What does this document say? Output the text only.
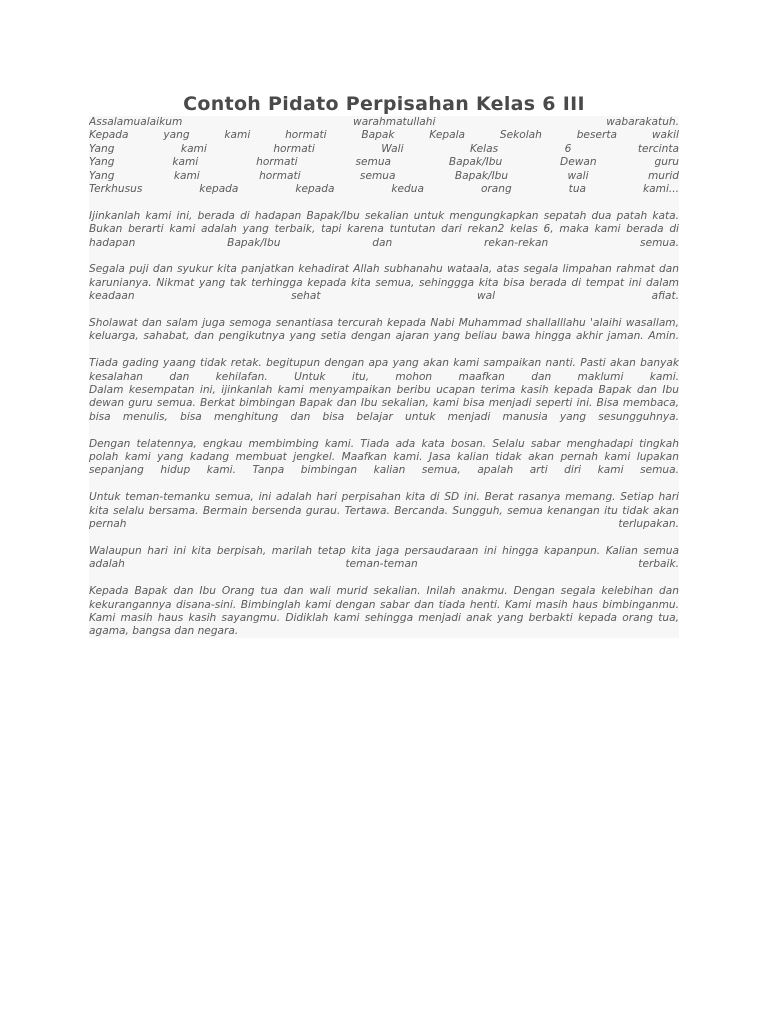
Contoh Pidato Perpisahan Kelas 6 III
Assalamualaikum warahmatullahi wabarakatuh.
Kepada yang kami hormati Bapak Kepala Sekolah beserta wakil
Yang kami hormati Wali Kelas 6 tercinta
Yang kami hormati semua Bapak/Ibu Dewan guru
Yang kami hormati semua Bapak/Ibu wali murid
Terkhusus kepada kepada kedua orang tua kami...
Ijinkanlah kami ini, berada di hadapan Bapak/Ibu sekalian untuk mengungkapkan sepatah dua patah kata.
Bukan berarti kami adalah yang terbaik, tapi karena tuntutan dari rekan2 kelas 6, maka kami berada di
hadapan Bapak/Ibu dan rekan-rekan semua.
Segala puji dan syukur kita panjatkan kehadirat Allah subhanahu wataala, atas segala limpahan rahmat dan
karunianya. Nikmat yang tak terhingga kepada kita semua, sehinggga kita bisa berada di tempat ini dalam
keadaan sehat wal afiat.
Sholawat dan salam juga semoga senantiasa tercurah kepada Nabi Muhammad shallalllahu 'alaihi wasallam,
keluarga, sahabat, dan pengikutnya yang setia dengan ajaran yang beliau bawa hingga akhir jaman. Amin.
Tiada gading yaang tidak retak. begitupun dengan apa yang akan kami sampaikan nanti. Pasti akan banyak
kesalahan dan kehilafan. Untuk itu, mohon maafkan dan maklumi kami.
Dalam kesempatan ini, ijinkanlah kami menyampaikan beribu ucapan terima kasih kepada Bapak dan Ibu
dewan guru semua. Berkat bimbingan Bapak dan Ibu sekalian, kami bisa menjadi seperti ini. Bisa membaca,
bisa menulis, bisa menghitung dan bisa belajar untuk menjadi manusia yang sesungguhnya.
Dengan telatennya, engkau membimbing kami. Tiada ada kata bosan. Selalu sabar menghadapi tingkah
polah kami yang kadang membuat jengkel. Maafkan kami. Jasa kalian tidak akan pernah kami lupakan
sepanjang hidup kami. Tanpa bimbingan kalian semua, apalah arti diri kami semua.
Untuk teman-temanku semua, ini adalah hari perpisahan kita di SD ini. Berat rasanya memang. Setiap hari
kita selalu bersama. Bermain bersenda gurau. Tertawa. Bercanda. Sungguh, semua kenangan itu tidak akan
pernah terlupakan.
Walaupun hari ini kita berpisah, marilah tetap kita jaga persaudaraan ini hingga kapanpun. Kalian semua
adalah teman-teman terbaik.
Kepada Bapak dan Ibu Orang tua dan wali murid sekalian. Inilah anakmu. Dengan segala kelebihan dan
kekurangannya disana-sini. Bimbinglah kami dengan sabar dan tiada henti. Kami masih haus bimbinganmu.
Kami masih haus kasih sayangmu. Didiklah kami sehingga menjadi anak yang berbakti kepada orang tua,
agama, bangsa dan negara.
